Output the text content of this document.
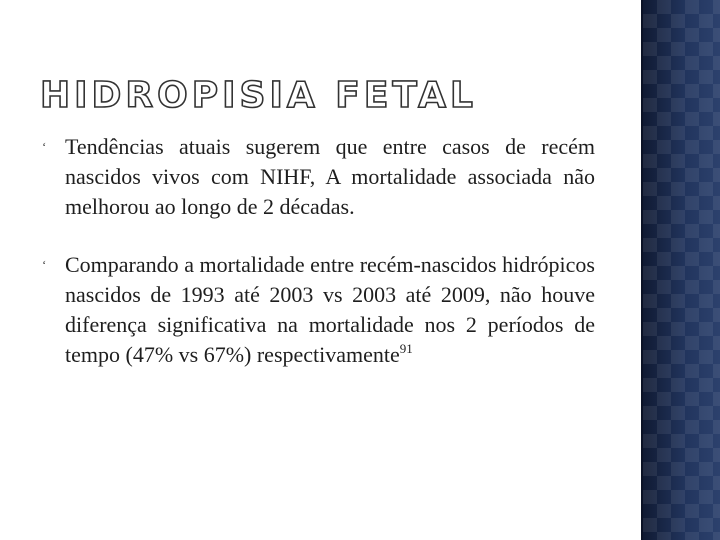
HIDROPISIA FETAL
ʻ Tendências atuais sugerem que entre casos de recém nascidos vivos com NIHF, A mortalidade associada não melhorou ao longo de 2 décadas.
ʻ Comparando a mortalidade entre recém-nascidos hidrópicos nascidos de 1993 até 2003 vs 2003 até 2009, não houve diferença significativa na mortalidade nos 2 períodos de tempo (47% vs 67%) respectivamente$^{91}$
